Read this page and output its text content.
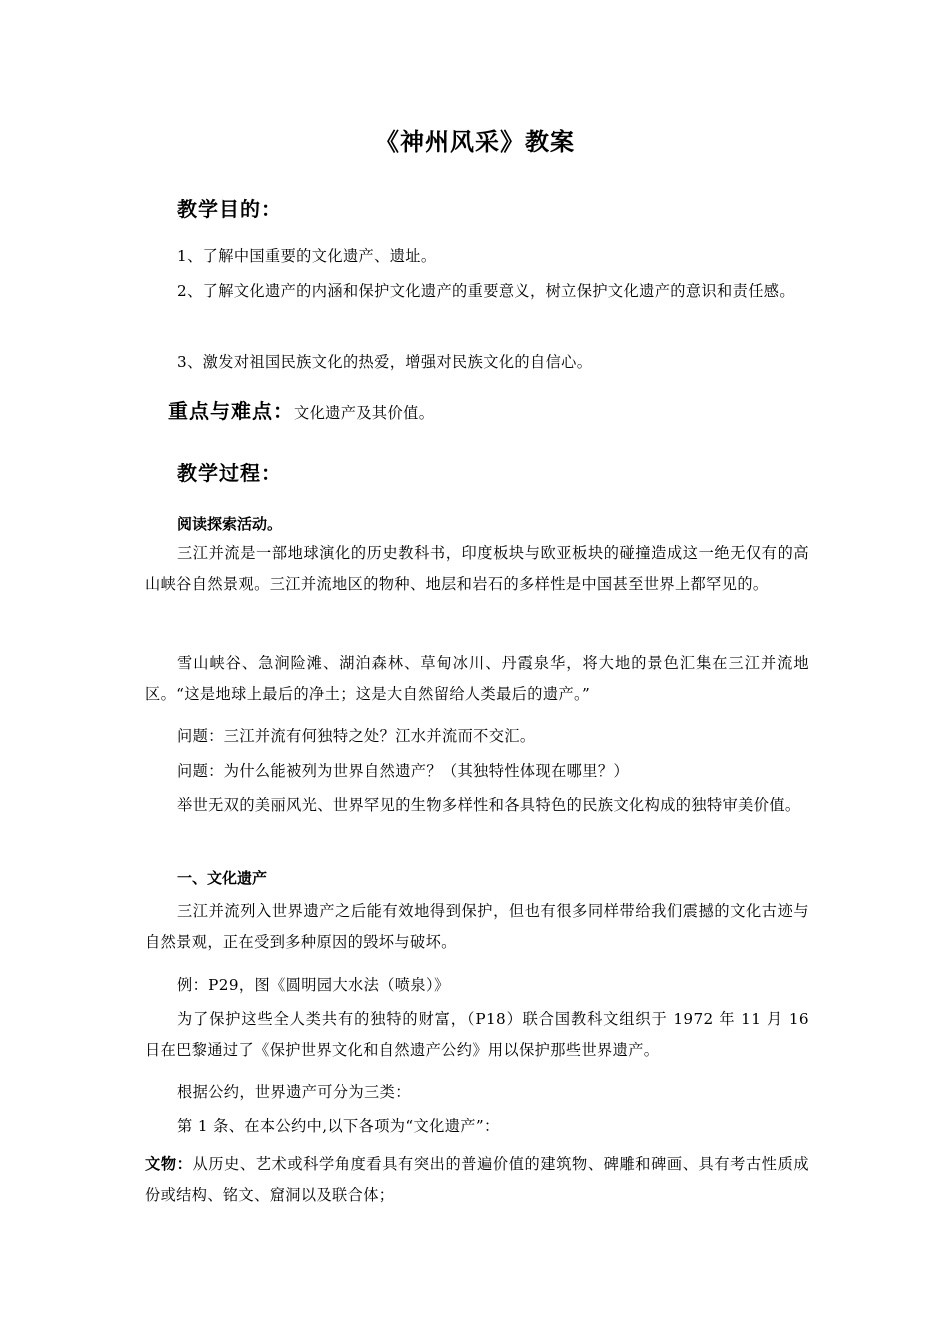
《神州风采》教案
教学目的：
1、了解中国重要的文化遗产、遗址。
2、了解文化遗产的内涵和保护文化遗产的重要意义，树立保护文化遗产的意识和责任感。
3、激发对祖国民族文化的热爱，增强对民族文化的自信心。
重点与难点：文化遗产及其价值。
教学过程：
阅读探索活动。
三江并流是一部地球演化的历史教科书，印度板块与欧亚板块的碰撞造成这一绝无仅有的高山峡谷自然景观。三江并流地区的物种、地层和岩石的多样性是中国甚至世界上都罕见的。
雪山峡谷、急涧险滩、湖泊森林、草甸冰川、丹霞泉华，将大地的景色汇集在三江并流地区。“这是地球上最后的净土；这是大自然留给人类最后的遗产。”
问题：三江并流有何独特之处？江水并流而不交汇。
问题：为什么能被列为世界自然遗产？（其独特性体现在哪里？）
举世无双的美丽风光、世界罕见的生物多样性和各具特色的民族文化构成的独特审美价值。
一、文化遗产
三江并流列入世界遗产之后能有效地得到保护，但也有很多同样带给我们震撼的文化古迹与自然景观，正在受到多种原因的毁坏与破坏。
例：P29，图《圆明园大水法（喷泉）》
为了保护这些全人类共有的独特的财富，（P18）联合国教科文组织于 1972 年 11 月 16 日在巴黎通过了《保护世界文化和自然遗产公约》用以保护那些世界遗产。
根据公约，世界遗产可分为三类：
第 1 条、在本公约中,以下各项为“文化遗产”：
文物：从历史、艺术或科学角度看具有突出的普遍价值的建筑物、碑雕和碑画、具有考古性质成份或结构、铭文、窟洞以及联合体；
